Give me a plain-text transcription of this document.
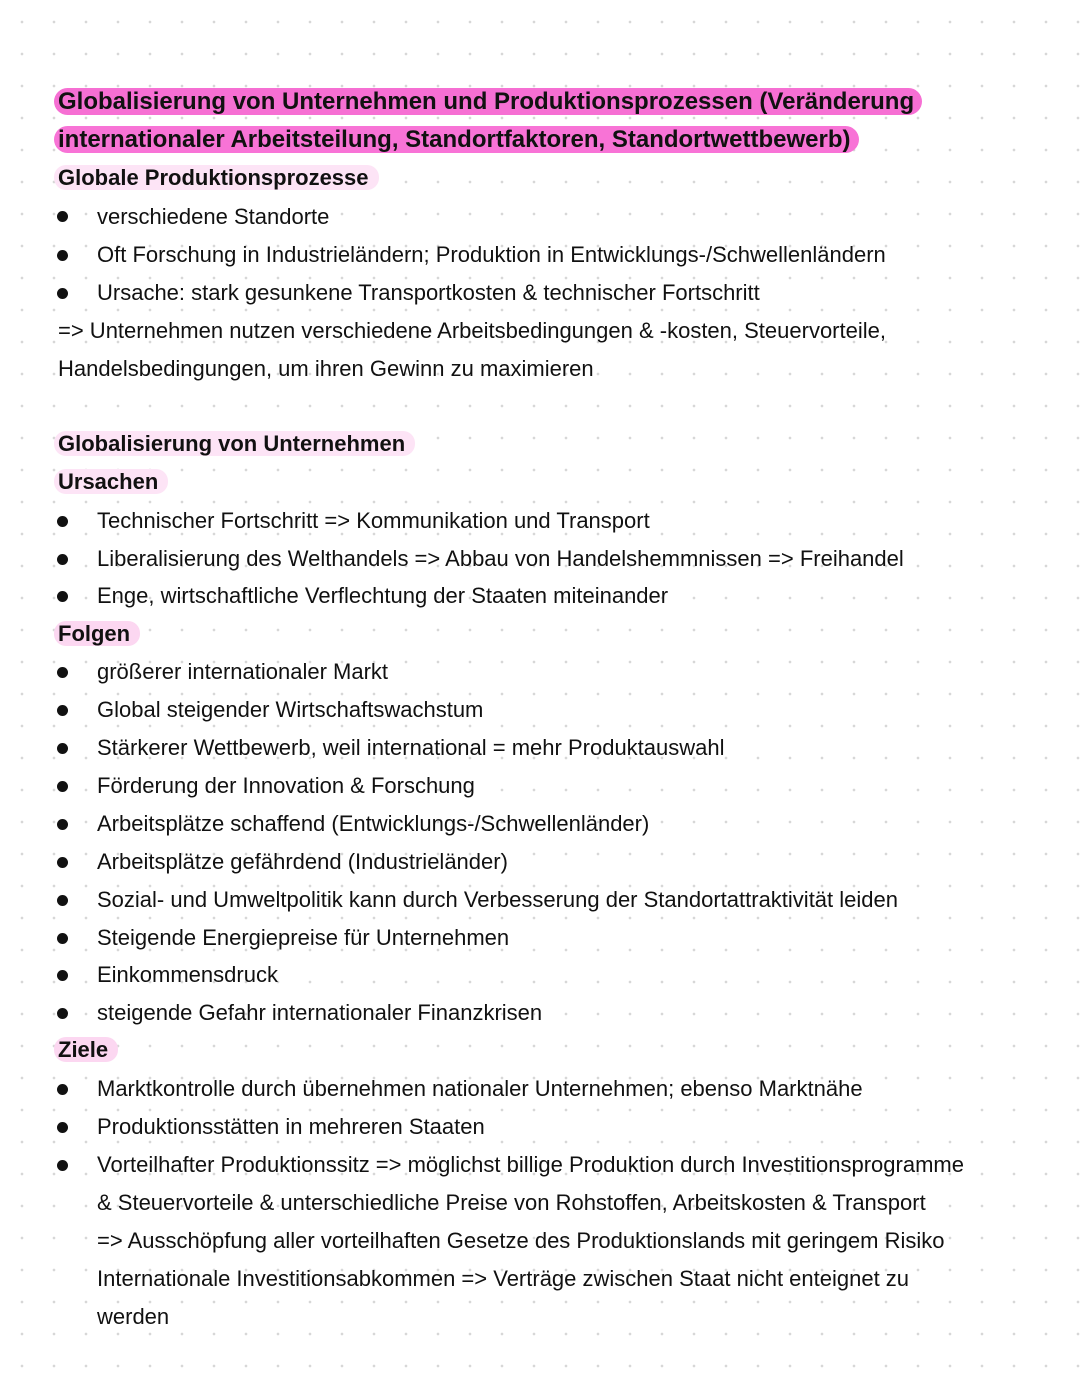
Globalisierung von Unternehmen und Produktionsprozessen (Veränderung
internationaler Arbeitsteilung, Standortfaktoren, Standortwettbewerb)
Globale Produktionsprozesse
verschiedene Standorte
Oft Forschung in Industrieländern; Produktion in Entwicklungs-/Schwellenländern
Ursache: stark gesunkene Transportkosten & technischer Fortschritt
=> Unternehmen nutzen verschiedene Arbeitsbedingungen & -kosten, Steuervorteile,
Handelsbedingungen, um ihren Gewinn zu maximieren
Globalisierung von Unternehmen
Ursachen
Technischer Fortschritt => Kommunikation und Transport
Liberalisierung des Welthandels => Abbau von Handelshemmnissen => Freihandel
Enge, wirtschaftliche Verflechtung der Staaten miteinander
Folgen
größerer internationaler Markt
Global steigender Wirtschaftswachstum
Stärkerer Wettbewerb, weil international = mehr Produktauswahl
Förderung der Innovation & Forschung
Arbeitsplätze schaffend (Entwicklungs-/Schwellenländer)
Arbeitsplätze gefährdend (Industrieländer)
Sozial- und Umweltpolitik kann durch Verbesserung der Standortattraktivität leiden
Steigende Energiepreise für Unternehmen
Einkommensdruck
steigende Gefahr internationaler Finanzkrisen
Ziele
Marktkontrolle durch übernehmen nationaler Unternehmen; ebenso Marktnähe
Produktionsstätten in mehreren Staaten
Vorteilhafter Produktionssitz => möglichst billige Produktion durch Investitionsprogramme
& Steuervorteile & unterschiedliche Preise von Rohstoffen, Arbeitskosten & Transport
=> Ausschöpfung aller vorteilhaften Gesetze des Produktionslands mit geringem Risiko
Internationale Investitionsabkommen => Verträge zwischen Staat nicht enteignet zu
werden
